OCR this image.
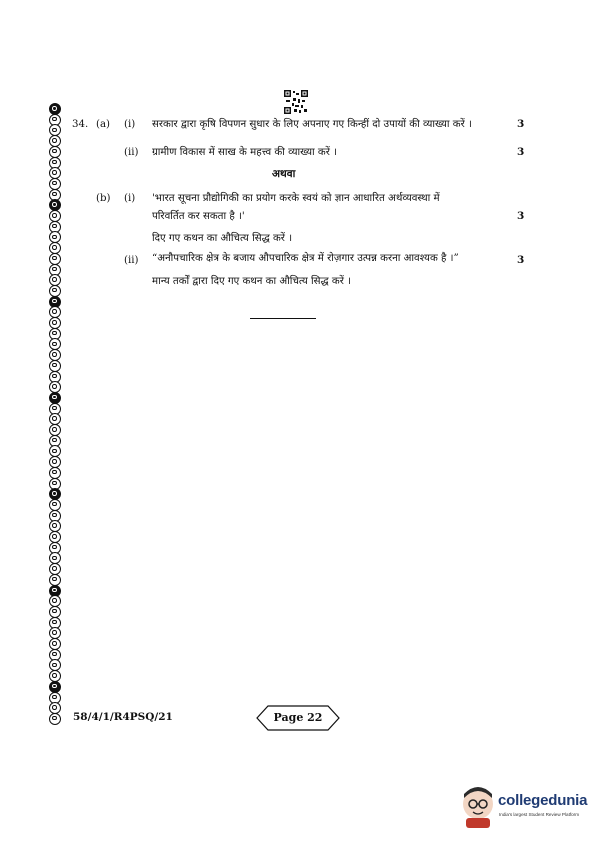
34. (a) (i) सरकार द्वारा कृषि विपणन सुधार के लिए अपनाए गए किन्हीं दो उपायों की व्याख्या करें ।	3
(ii) ग्रामीण विकास में साख के महत्त्व की व्याख्या करें ।	3
अथवा
(b) (i) 'भारत सूचना प्रौद्योगिकी का प्रयोग करके स्वयं को ज्ञान आधारित अर्थव्यवस्था में
परिवर्तित कर सकता है ।'	3
दिए गए कथन का औचित्य सिद्ध करें ।
(ii) “अनौपचारिक क्षेत्र के बजाय औपचारिक क्षेत्र में रोज़गार उत्पन्न करना आवश्यक है ।”	3
मान्य तर्कों द्वारा दिए गए कथन का औचित्य सिद्ध करें ।
58/4/1/R4PSQ/21	Page 22
collegedunia
India's largest Student Review Platform
